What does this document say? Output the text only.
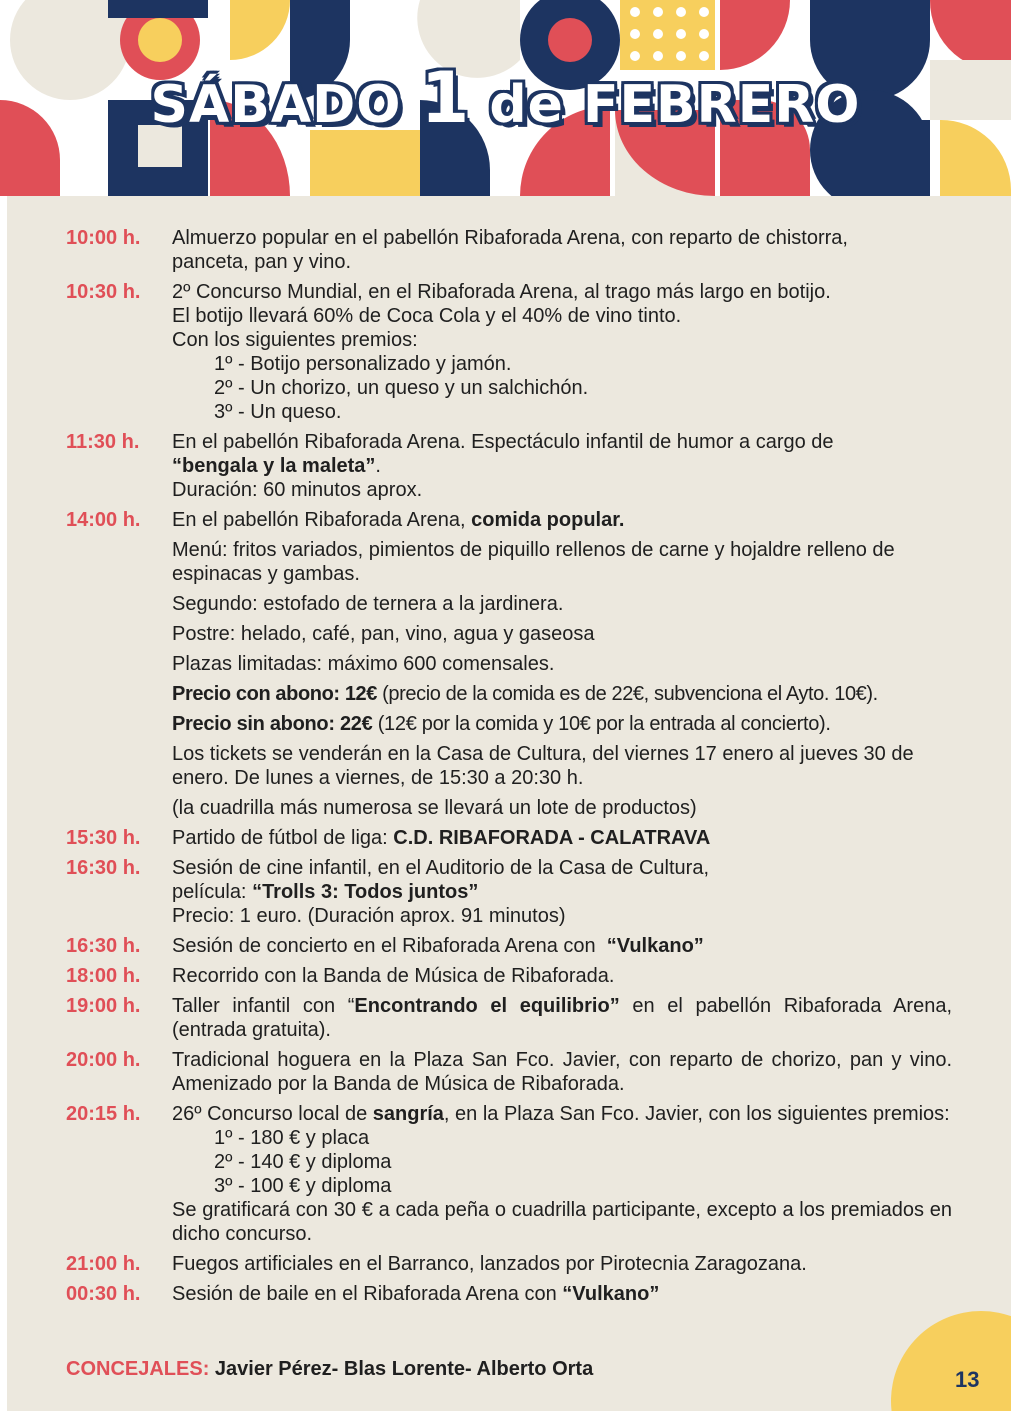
SÁBADO 1 de FEBRERO
10:00 h.	Almuerzo popular en el pabellón Ribaforada Arena, con reparto de chistorra,
panceta, pan y vino.
10:30 h.	2º Concurso Mundial, en el Ribaforada Arena, al trago más largo en botijo.
El botijo llevará 60% de Coca Cola y el 40% de vino tinto.
Con los siguientes premios:
1º - Botijo personalizado y jamón.
2º - Un chorizo, un queso y un salchichón.
3º - Un queso.
11:30 h.	En el pabellón Ribaforada Arena. Espectáculo infantil de humor a cargo de
“bengala y la maleta”.
Duración: 60 minutos aprox.
14:00 h.	En el pabellón Ribaforada Arena, comida popular.
Menú: fritos variados, pimientos de piquillo rellenos de carne y hojaldre relleno de espinacas y gambas.
Segundo: estofado de ternera a la jardinera.
Postre: helado, café, pan, vino, agua y gaseosa
Plazas limitadas: máximo 600 comensales.
Precio con abono: 12€ (precio de la comida es de 22€, subvenciona el Ayto. 10€).
Precio sin abono: 22€ (12€ por la comida y 10€ por la entrada al concierto).
Los tickets se venderán en la Casa de Cultura, del viernes 17 enero al jueves 30 de enero. De lunes a viernes, de 15:30 a 20:30 h.
(la cuadrilla más numerosa se llevará un lote de productos)
15:30 h.	Partido de fútbol de liga: C.D. RIBAFORADA - CALATRAVA
16:30 h.	Sesión de cine infantil, en el Auditorio de la Casa de Cultura,
película: “Trolls 3: Todos juntos”
Precio: 1 euro. (Duración aprox. 91 minutos)
16:30 h.	Sesión de concierto en el Ribaforada Arena con  “Vulkano”
18:00 h.	Recorrido con la Banda de Música de Ribaforada.
19:00 h.	Taller infantil con “Encontrando el equilibrio” en el pabellón Ribaforada Arena, (entrada gratuita).
20:00 h.	Tradicional hoguera en la Plaza San Fco. Javier, con reparto de chorizo, pan y vino.   Amenizado por la Banda de Música de Ribaforada.
20:15 h.	26º Concurso local de sangría, en la Plaza San Fco. Javier, con los siguientes premios:
1º - 180 € y placa
2º - 140 € y diploma
3º - 100 € y diploma
Se gratificará con 30 € a cada peña o cuadrilla participante, excepto a los premiados en dicho concurso.
21:00 h.	Fuegos artificiales en el Barranco, lanzados por Pirotecnia Zaragozana.
00:30 h.	Sesión de baile en el Ribaforada Arena con “Vulkano”
CONCEJALES: Javier Pérez- Blas Lorente- Alberto Orta	13
